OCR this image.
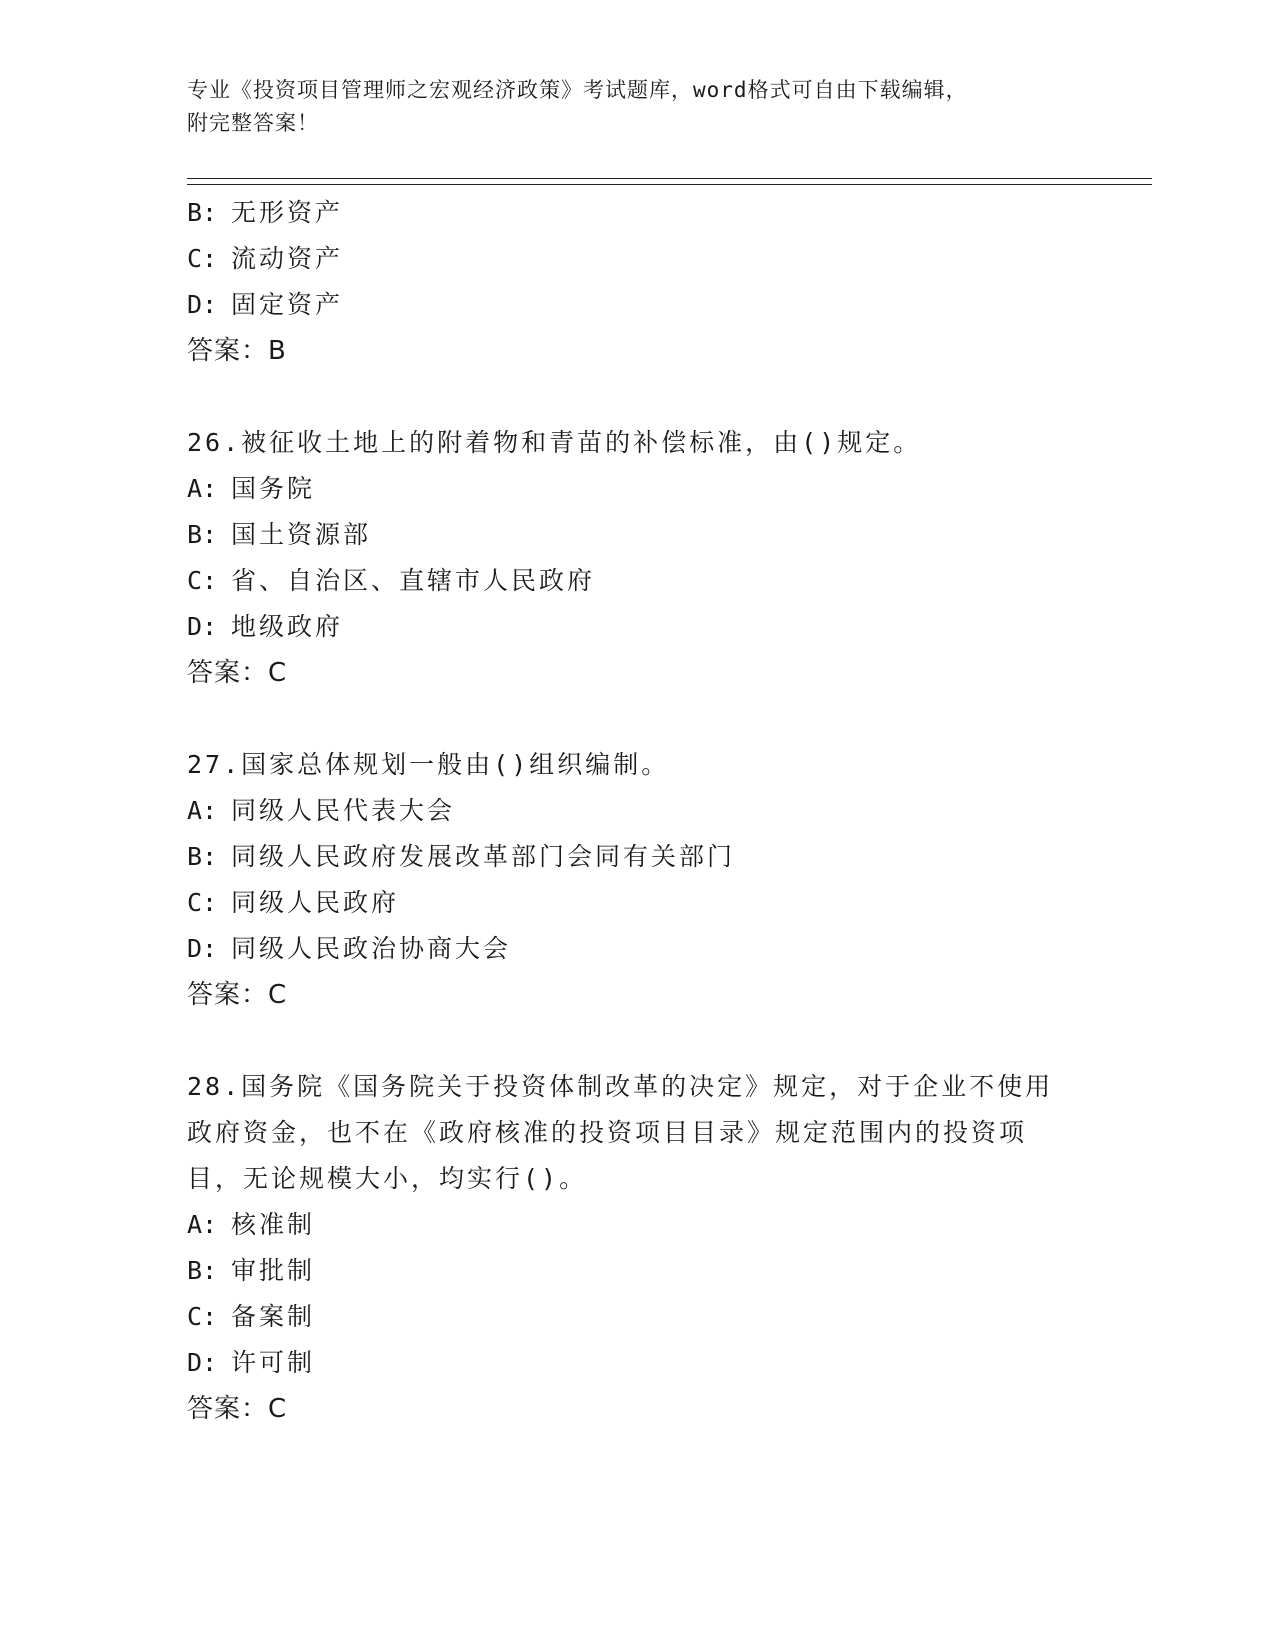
专业《投资项目管理师之宏观经济政策》考试题库，word格式可自由下载编辑，
附完整答案！
B: 无形资产
C: 流动资产
D: 固定资产
答案：B
26.被征收土地上的附着物和青苗的补偿标准，由()规定。
A: 国务院
B: 国土资源部
C: 省、自治区、直辖市人民政府
D: 地级政府
答案：C
27.国家总体规划一般由()组织编制。
A: 同级人民代表大会
B: 同级人民政府发展改革部门会同有关部门
C: 同级人民政府
D: 同级人民政治协商大会
答案：C
28.国务院《国务院关于投资体制改革的决定》规定，对于企业不使用
政府资金，也不在《政府核准的投资项目目录》规定范围内的投资项
目，无论规模大小，均实行()。
A: 核准制
B: 审批制
C: 备案制
D: 许可制
答案：C
